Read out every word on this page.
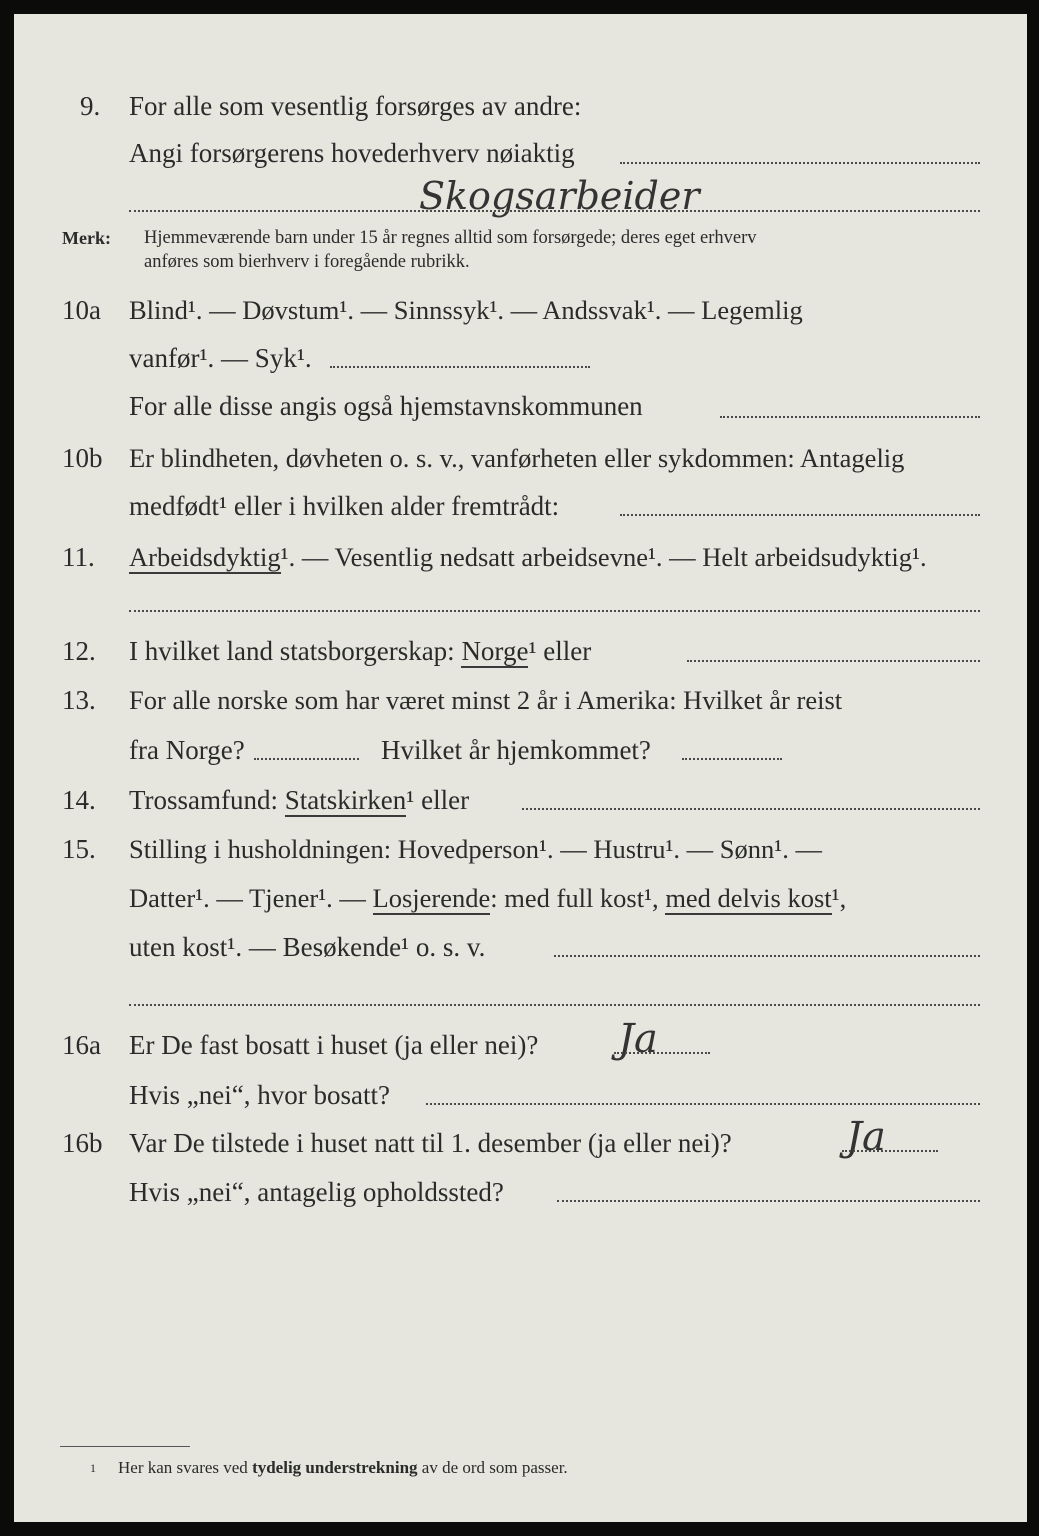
9. For alle som vesentlig forsørges av andre:
Angi forsørgerens hovederhverv nøiaktig
Skogsarbeider
Merk: Hjemmeværende barn under 15 år regnes alltid som forsørgede; deres eget erhverv
anføres som bierhverv i foregående rubrikk.
10a Blind¹. — Døvstum¹. — Sinnssyk¹. — Andssvak¹. — Legemlig
vanfør¹. — Syk¹.
For alle disse angis også hjemstavnskommunen
10b Er blindheten, døvheten o. s. v., vanførheten eller sykdommen: Antagelig
medfødt¹ eller i hvilken alder fremtrådt:
11. Arbeidsdyktig¹. — Vesentlig nedsatt arbeidsevne¹. — Helt arbeidsudyktig¹.
12. I hvilket land statsborgerskap: Norge¹ eller
13. For alle norske som har været minst 2 år i Amerika: Hvilket år reist
fra Norge?	Hvilket år hjemkommet?
14. Trossamfund: Statskirken¹ eller
15. Stilling i husholdningen: Hovedperson¹. — Hustru¹. — Sønn¹. —
Datter¹. — Tjener¹. — Losjerende: med full kost¹, med delvis kost¹,
uten kost¹. — Besøkende¹ o. s. v.
16a Er De fast bosatt i huset (ja eller nei)? Ja
Hvis „nei“, hvor bosatt?
16b Var De tilstede i huset natt til 1. desember (ja eller nei)?	Ja
Hvis „nei“, antagelig opholdssted?
1 Her kan svares ved tydelig understrekning av de ord som passer.
